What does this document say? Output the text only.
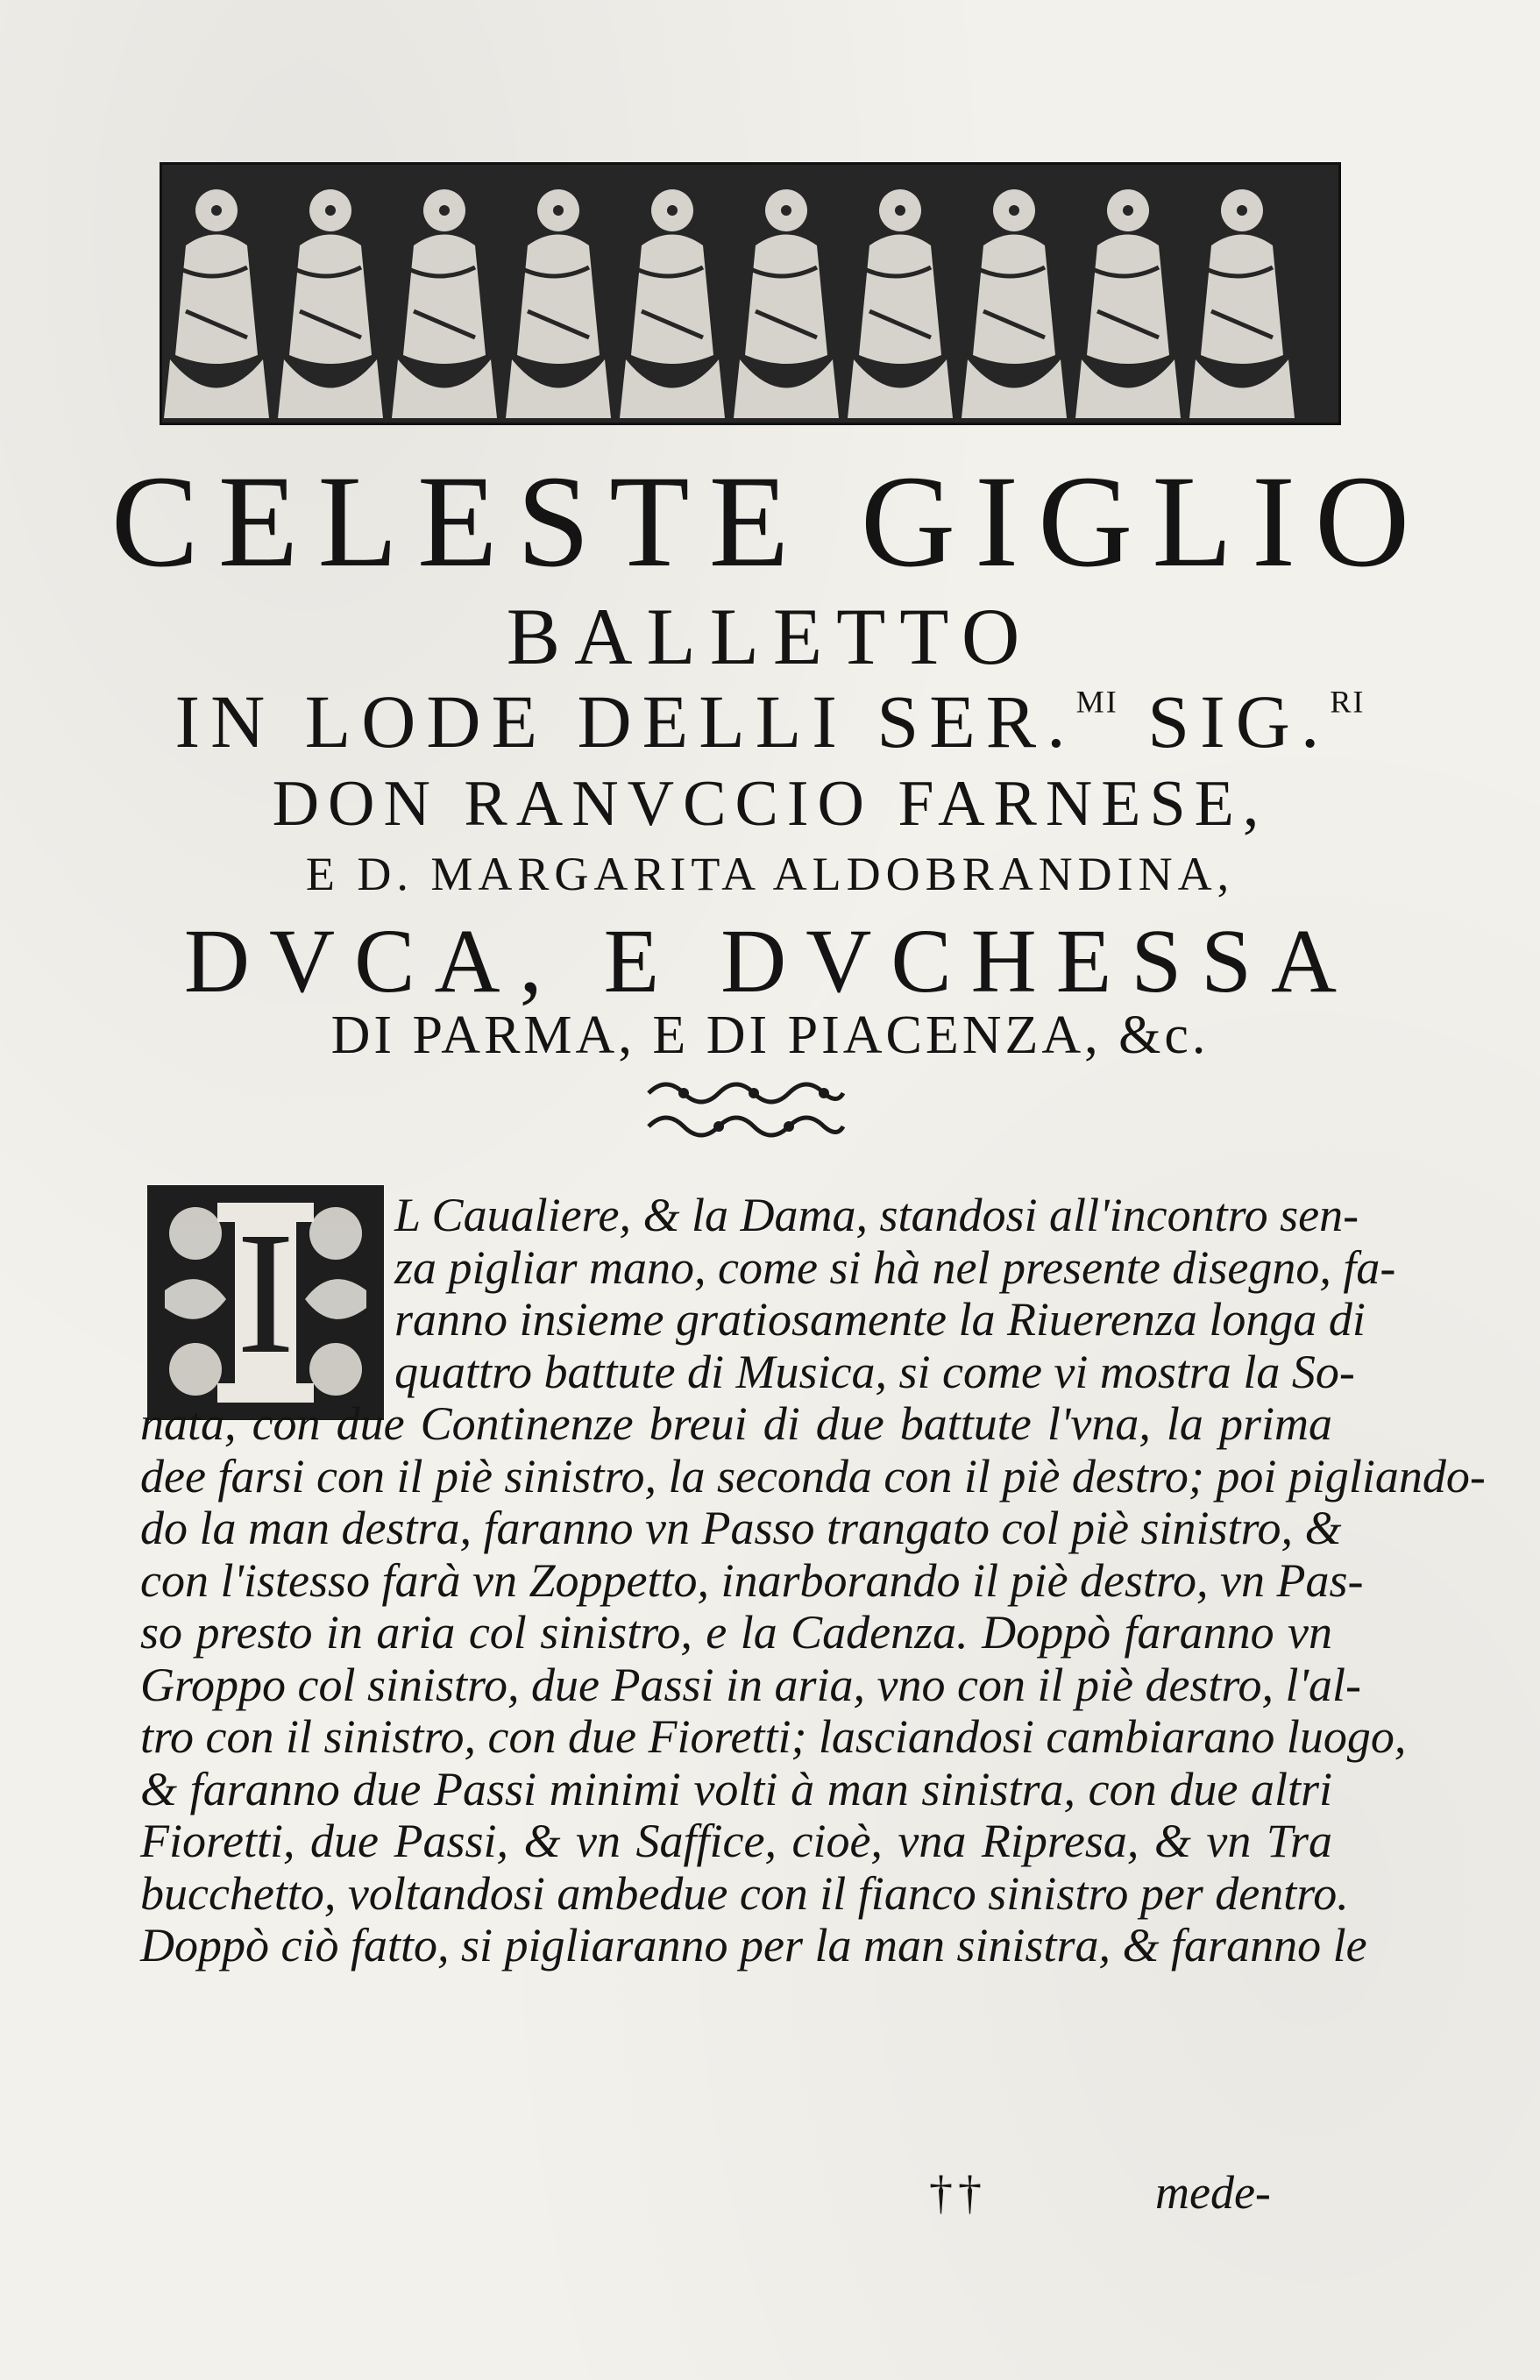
CELESTE GIGLIO
BALLETTO
IN LODE DELLI SER.$^{MI}$ SIG.$^{RI}$
DON RANVCCIO FARNESE,
E D. MARGARITA ALDOBRANDINA,
DVCA, E DVCHESSA
DI PARMA, E DI PIACENZA, &c.
I	L Caualiere, & la Dama, standosi all'incontro sen-
za pigliar mano, come si hà nel presente disegno, fa-
ranno insieme gratiosamente la Riuerenza longa di
quattro battute di Musica, si come vi mostra la So-
nata, con due Continenze breui di due battute l'vna, la prima
dee farsi con il piè sinistro, la seconda con il piè destro; poi pigliando-
do la man destra, faranno vn Passo trangato col piè sinistro, &
con l'istesso farà vn Zoppetto, inarborando il piè destro, vn Pas-
so presto in aria col sinistro, e la Cadenza. Doppò faranno vn
Groppo col sinistro, due Passi in aria, vno con il piè destro, l'al-
tro con il sinistro, con due Fioretti; lasciandosi cambiarano luogo,
& faranno due Passi minimi volti à man sinistra, con due altri
Fioretti, due Passi, & vn Saffice, cioè, vna Ripresa, & vn Tra
bucchetto, voltandosi ambedue con il fianco sinistro per dentro.
Doppò ciò fatto, si pigliaranno per la man sinistra, & faranno le
††	mede-
